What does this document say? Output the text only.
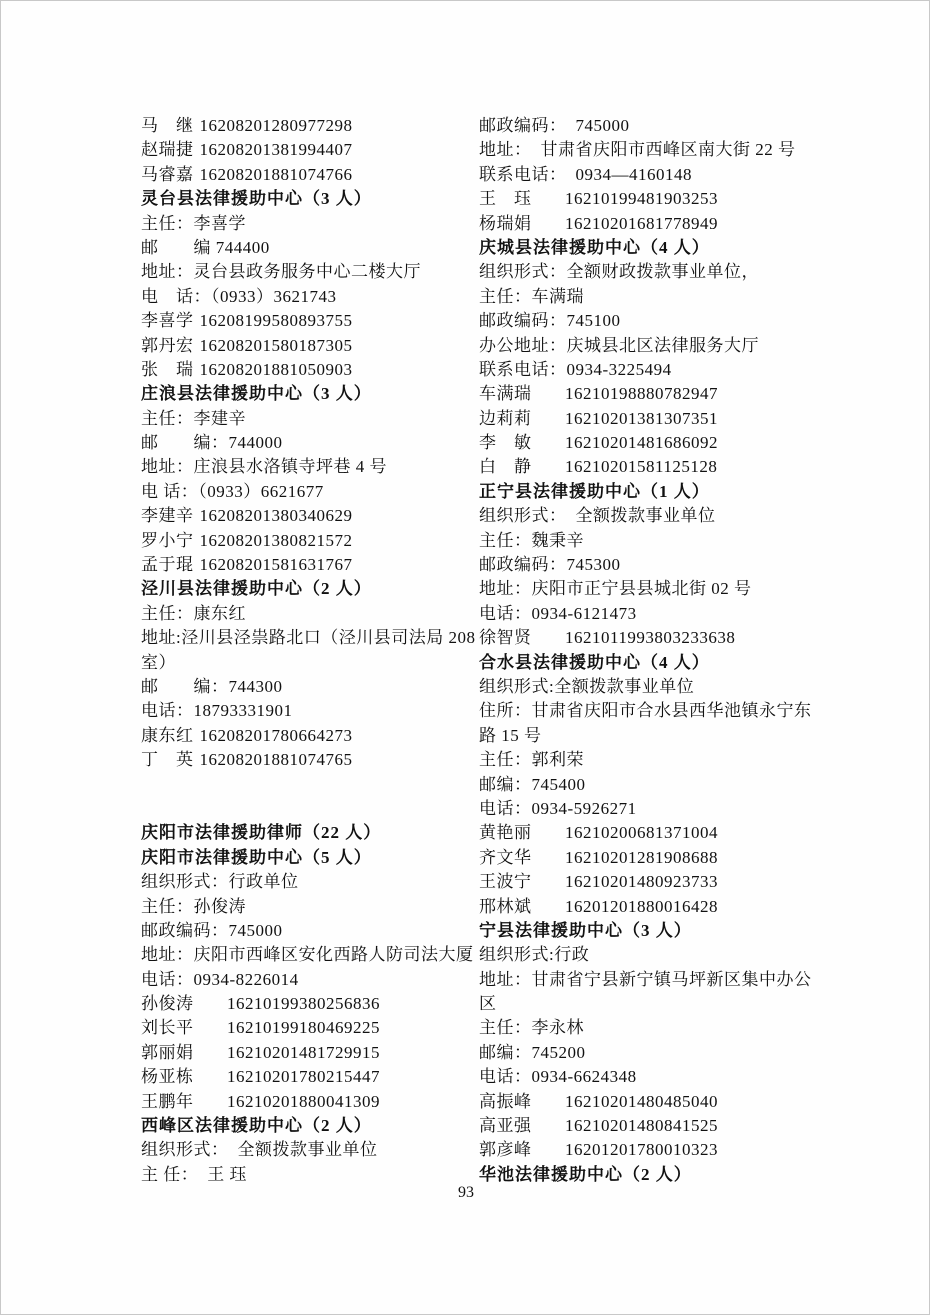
马　继 16208201280977298
赵瑞捷 16208201381994407
马睿嘉 16208201881074766
灵台县法律援助中心（3 人）
主任：李喜学
邮　　编 744400
地址：灵台县政务服务中心二楼大厅
电　话：（0933）3621743
李喜学 16208199580893755
郭丹宏 16208201580187305
张　瑞 16208201881050903
庄浪县法律援助中心（3 人）
主任：李建辛
邮　　编：744000
地址：庄浪县水洛镇寺坪巷 4 号
电 话：（0933）6621677
李建辛 16208201380340629
罗小宁 16208201380821572
孟于琨 16208201581631767
泾川县法律援助中心（2 人）
主任：康东红
地址:泾川县泾祟路北口（泾川县司法局 208
室）
邮　　编：744300
电话：18793331901
康东红 16208201780664273
丁　英 16208201881074765
庆阳市法律援助律师（22 人）
庆阳市法律援助中心（5 人）
组织形式：行政单位
主任：孙俊涛
邮政编码：745000
地址：庆阳市西峰区安化西路人防司法大厦
电话：0934-8226014
孙俊涛 16210199380256836
刘长平 16210199180469225
郭丽娟 16210201481729915
杨亚栋 16210201780215447
王鹏年 16210201880041309
西峰区法律援助中心（2 人）
组织形式：　全额拨款事业单位
主 任：　王 珏
邮政编码：　745000
地址：　甘肃省庆阳市西峰区南大街 22 号
联系电话：　0934—4160148
王　珏 16210199481903253
杨瑞娟 16210201681778949
庆城县法律援助中心（4 人）
组织形式：全额财政拨款事业单位，
主任：车满瑞
邮政编码：745100
办公地址：庆城县北区法律服务大厅
联系电话：0934-3225494
车满瑞 16210198880782947
边莉莉 16210201381307351
李　敏 16210201481686092
白　静 16210201581125128
正宁县法律援助中心（1 人）
组织形式：　全额拨款事业单位
主任：魏秉辛
邮政编码：745300
地址：庆阳市正宁县县城北街 02 号
电话：0934-6121473
徐智贤 1621011993803233638
合水县法律援助中心（4 人）
组织形式:全额拨款事业单位
住所：甘肃省庆阳市合水县西华池镇永宁东
路 15 号
主任：郭利荣
邮编：745400
电话：0934-5926271
黄艳丽 16210200681371004
齐文华 16210201281908688
王波宁 16210201480923733
邢林斌 16201201880016428
宁县法律援助中心（3 人）
组织形式:行政
地址：甘肃省宁县新宁镇马坪新区集中办公
区
主任：李永林
邮编：745200
电话：0934-6624348
高振峰 16210201480485040
高亚强 16210201480841525
郭彦峰 16201201780010323
华池法律援助中心（2 人）
93
